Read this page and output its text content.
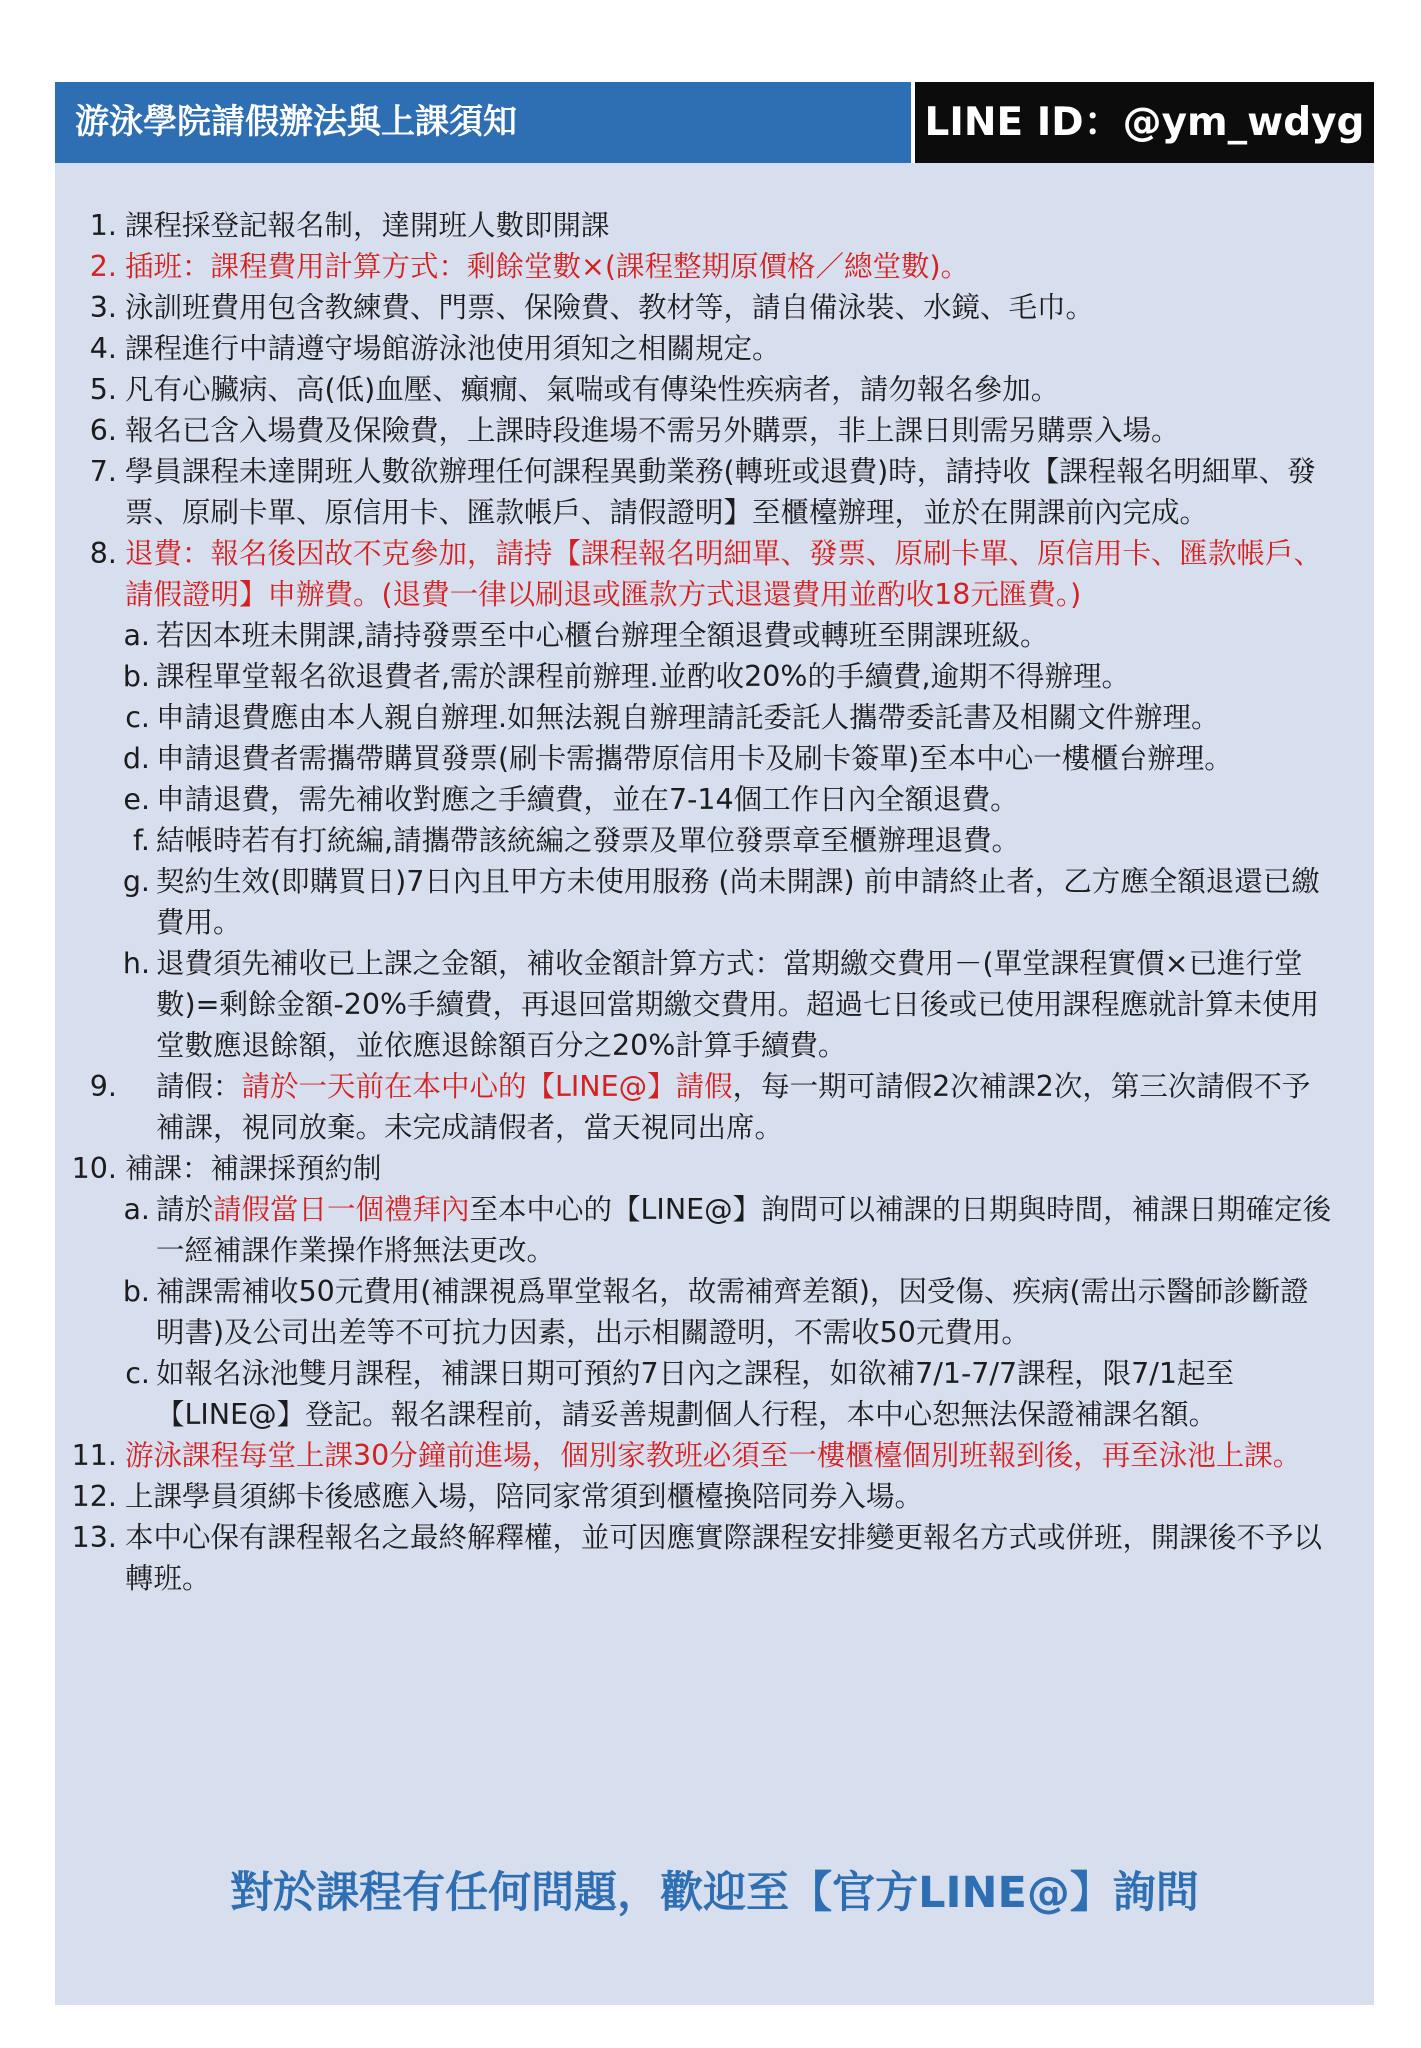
游泳學院請假辦法與上課須知	LINE ID：@ym_wdyg
1. 課程採登記報名制，達開班人數即開課
2. 插班：課程費用計算方式：剩餘堂數×(課程整期原價格／總堂數)。
3. 泳訓班費用包含教練費、門票、保險費、教材等，請自備泳裝、水鏡、毛巾。
4. 課程進行中請遵守場館游泳池使用須知之相關規定。
5. 凡有心臟病、高(低)血壓、癲癇、氣喘或有傳染性疾病者，請勿報名參加。
6. 報名已含入場費及保險費，上課時段進場不需另外購票，非上課日則需另購票入場。
7. 學員課程未達開班人數欲辦理任何課程異動業務(轉班或退費)時，請持收【課程報名明細單、發票、原刷卡單、原信用卡、匯款帳戶、請假證明】至櫃檯辦理，並於在開課前內完成。
8. 退費：報名後因故不克參加，請持【課程報名明細單、發票、原刷卡單、原信用卡、匯款帳戶、請假證明】申辦費。(退費一律以刷退或匯款方式退還費用並酌收18元匯費。)
a. 若因本班未開課,請持發票至中心櫃台辦理全額退費或轉班至開課班級。
b. 課程單堂報名欲退費者,需於課程前辦理.並酌收20%的手續費,逾期不得辦理。
c. 申請退費應由本人親自辦理.如無法親自辦理請託委託人攜帶委託書及相關文件辦理。
d. 申請退費者需攜帶購買發票(刷卡需攜帶原信用卡及刷卡簽單)至本中心一樓櫃台辦理。
e. 申請退費，需先補收對應之手續費，並在7-14個工作日內全額退費。
f. 結帳時若有打統編,請攜帶該統編之發票及單位發票章至櫃辦理退費。
g. 契約生效(即購買日)7日內且甲方未使用服務 (尚未開課) 前申請終止者，乙方應全額退還已繳費用。
h. 退費須先補收已上課之金額，補收金額計算方式：當期繳交費用－(單堂課程實價×已進行堂數)=剩餘金額-20%手續費，再退回當期繳交費用。超過七日後或已使用課程應就計算未使用堂數應退餘額，並依應退餘額百分之20%計算手續費。
9. 請假：請於一天前在本中心的【LINE@】請假，每一期可請假2次補課2次，第三次請假不予補課，視同放棄。未完成請假者，當天視同出席。
10. 補課：補課採預約制
a. 請於請假當日一個禮拜內至本中心的【LINE@】詢問可以補課的日期與時間，補課日期確定後一經補課作業操作將無法更改。
b. 補課需補收50元費用(補課視爲單堂報名，故需補齊差額)，因受傷、疾病(需出示醫師診斷證明書)及公司出差等不可抗力因素，出示相關證明，不需收50元費用。
c. 如報名泳池雙月課程，補課日期可預約7日內之課程，如欲補7/1-7/7課程，限7/1起至【LINE@】登記。報名課程前，請妥善規劃個人行程，本中心恕無法保證補課名額。
11. 游泳課程每堂上課30分鐘前進場，個別家教班必須至一樓櫃檯個別班報到後，再至泳池上課。
12. 上課學員須綁卡後感應入場，陪同家常須到櫃檯換陪同券入場。
13. 本中心保有課程報名之最終解釋權，並可因應實際課程安排變更報名方式或併班，開課後不予以轉班。
對於課程有任何問題，歡迎至【官方LINE@】詢問
